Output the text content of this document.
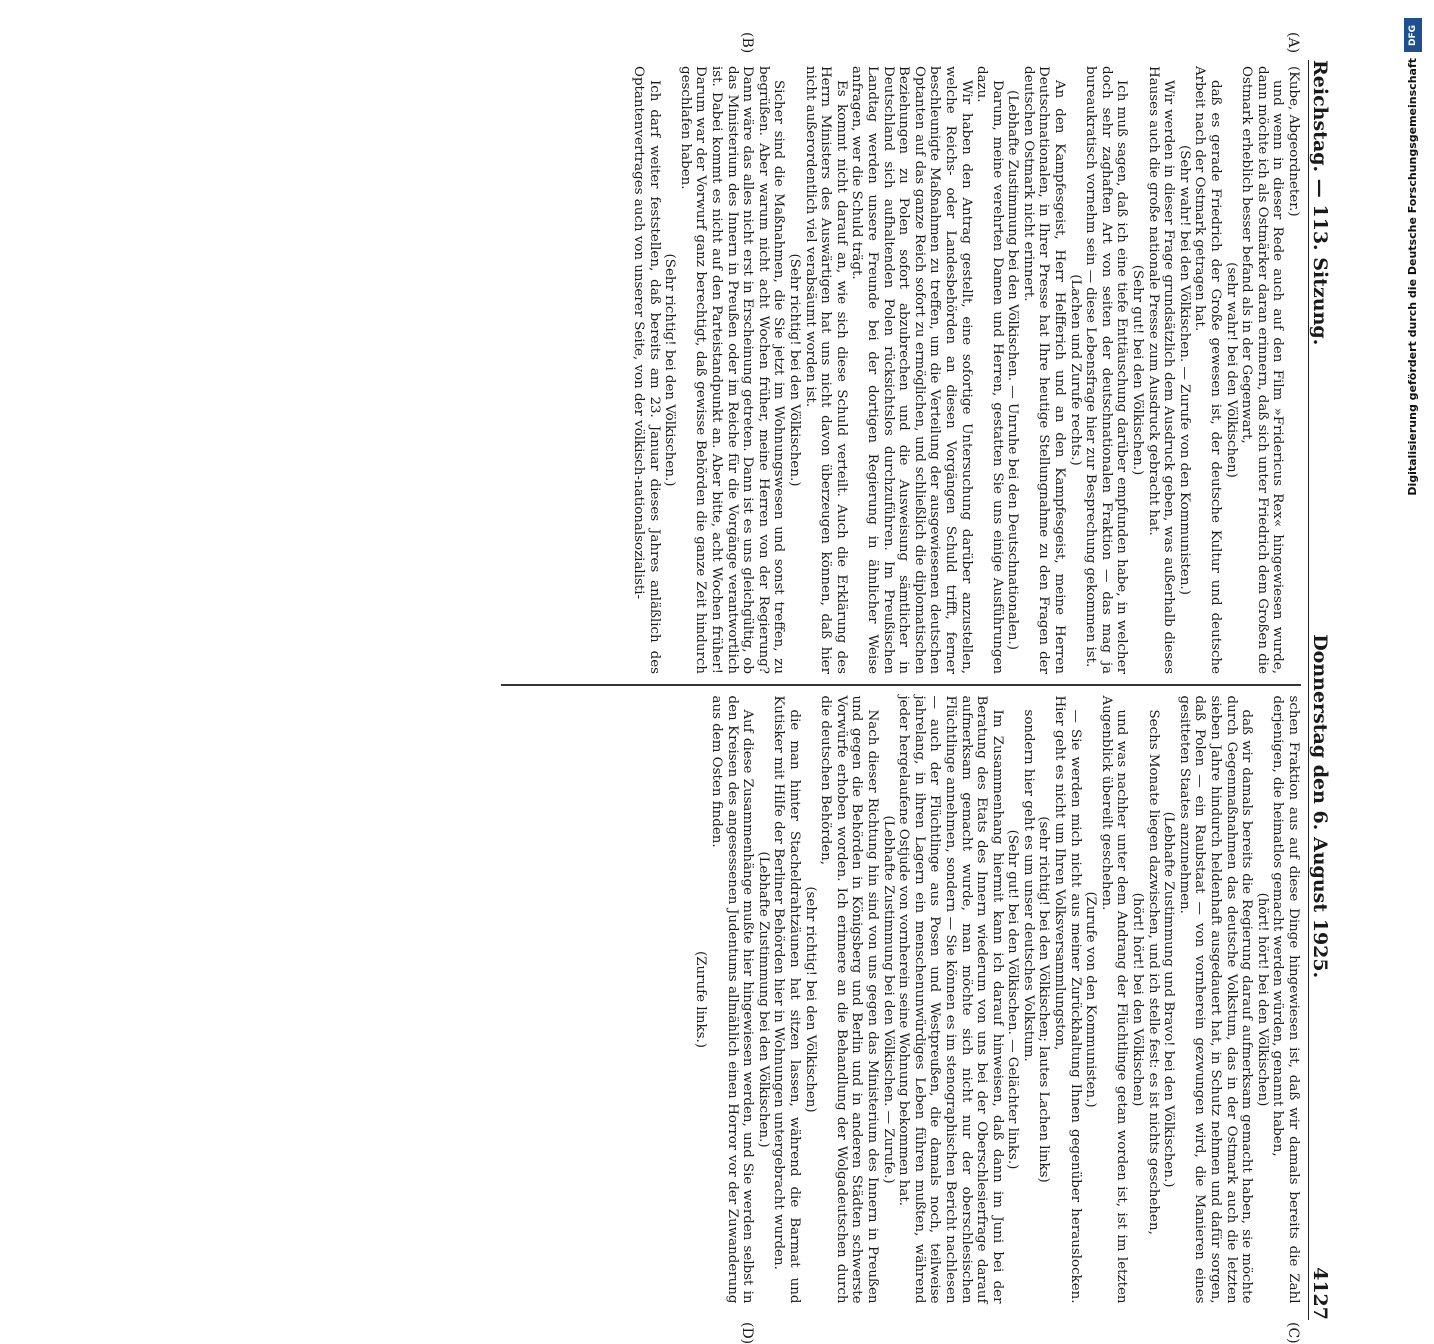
Reichstag. — 113. Sitzung.
Donnerstag den 6. August 1925.
4127

(Kube, Abgeordneter.)

und wenn in dieser Rede auch auf den Film »Fridericus Rex« hingewiesen wurde, dann möchte ich als Ostmärker daran erinnern, daß sich unter Friedrich dem Großen die Ostmark erheblich besser befand als in der Gegenwart,

(sehr wahr! bei den Völkischen)

daß es gerade Friedrich der Große gewesen ist, der deutsche Kultur und deutsche Arbeit nach der Ostmark getragen hat.

(Sehr wahr! bei den Völkischen. — Zurufe von den Kommunisten.)

Wir werden in dieser Frage grundsätzlich dem Ausdruck geben, was außerhalb dieses Hauses auch die große nationale Presse zum Ausdruck gebracht hat.

(Sehr gut! bei den Völkischen.)

Ich muß sagen, daß ich eine tiefe Enttäuschung darüber empfunden habe, in welcher doch sehr zaghaften Art von seiten der deutschnationalen Fraktion — das mag ja bureaukratisch vornehm sein — diese Lebensfrage hier zur Besprechung gekommen ist.

(Lachen und Zurufe rechts.)

An den Kampfesgeist, Herr Helfferich und an den Kampfesgeist, meine Herren Deutschnationalen, in Ihrer Presse hat Ihre heutige Stellungnahme zu den Fragen der deutschen Ostmark nicht erinnert.

(Lebhafte Zustimmung bei den Völkischen. — Unruhe bei den Deutschnationalen.)

Darum, meine verehrten Damen und Herren, gestatten Sie uns einige Ausführungen dazu.

Wir haben den Antrag gestellt, eine sofortige Untersuchung darüber anzustellen, welche Reichs- oder Landesbehörden an diesen Vorgängen Schuld trifft, ferner beschleunigte Maßnahmen zu treffen, um die Verteilung der ausgewiesenen deutschen Optanten auf das ganze Reich sofort zu ermöglichen, und schließlich die diplomatischen Beziehungen zu Polen sofort abzubrechen und die Ausweisung sämtlicher in Deutschland sich aufhaltenden Polen rücksichtslos durchzuführen. Im Preußischen Landtag werden unsere Freunde bei der dortigen Regierung in ähnlicher Weise anfragen, wer die Schuld trägt.

Es kommt nicht darauf an, wie sich diese Schuld verteilt. Auch die Erklärung des Herrn Ministers des Auswärtigen hat uns nicht davon überzeugen können, daß hier nicht außerordentlich viel verabsäumt worden ist.

(Sehr richtig! bei den Völkischen.)

Sicher sind die Maßnahmen, die Sie jetzt im Wohnungswesen und sonst treffen, zu begrüßen. Aber warum nicht acht Wochen früher, meine Herren von der Regierung? Dann wäre das alles nicht erst in Erscheinung getreten. Dann ist es uns gleichgültig, ob das Ministerium des Innern in Preußen oder im Reiche für die Vorgänge verantwortlich ist. Dabei kommt es nicht auf den Parteistandpunkt an. Aber bitte, acht Wochen früher! Darum war der Vorwurf ganz berechtigt, daß gewisse Behörden die ganze Zeit hindurch geschlafen haben.

(Sehr richtig! bei den Völkischen.)

Ich darf weiter feststellen, daß bereits am 23. Januar dieses Jahres anläßlich des Optantenvertrages auch von unserer Seite, von der völkisch-nationalsozialisti-

schen Fraktion aus auf diese Dinge hingewiesen ist, daß wir damals bereits die Zahl derjenigen, die heimatlos gemacht werden würden, genannt haben,

(hört! hört! bei den Völkischen)

daß wir damals bereits die Regierung darauf aufmerksam gemacht haben, sie möchte durch Gegenmaßnahmen das deutsche Volkstum, das in der Ostmark auch die letzten sieben Jahre hindurch heldenhaft ausgedauert hat, in Schutz nehmen und dafür sorgen, daß Polen — ein Raubstaat — von vornherein gezwungen wird, die Manieren eines gesitteten Staates anzunehmen.

(Lebhafte Zustimmung und Bravo! bei den Völkischen.)

Sechs Monate liegen dazwischen, und ich stelle fest: es ist nichts geschehen,

(hört! hört! bei den Völkischen)

und was nachher unter dem Andrang der Flüchtlinge getan worden ist, ist im letzten Augenblick übereilt geschehen.

(Zurufe von den Kommunisten.)

— Sie werden mich nicht aus meiner Zurückhaltung Ihnen gegenüber herauslocken. Hier geht es nicht um Ihren Volksversammlungston,

(sehr richtig! bei den Völkischen; lautes Lachen links)

sondern hier geht es um unser deutsches Volkstum.

(Sehr gut! bei den Völkischen. — Gelächter links.)

Im Zusammenhang hiermit kann ich darauf hinweisen, daß dann im Juni bei der Beratung des Etats des Innern wiederum von uns bei der Oberschlesierfrage darauf aufmerksam gemacht wurde, man möchte sich nicht nur der oberschlesischen Flüchtlinge annehmen, sondern — Sie können es im stenographischen Bericht nachlesen — auch der Flüchtlinge aus Posen und Westpreußen, die damals noch, teilweise jahrelang, in ihren Lagern ein menschenunwürdiges Leben führen mußten, während jeder hergelaufene Ostjude von vornherein seine Wohnung bekommen hat.

(Lebhafte Zustimmung bei den Völkischen. — Zurufe.)

Nach dieser Richtung hin sind von uns gegen das Ministerium des Innern in Preußen und gegen die Behörden in Königsberg und Berlin und in anderen Städten schwerste Vorwürfe erhoben worden. Ich erinnere an die Behandlung der Wolgadeutschen durch die deutschen Behörden,

(sehr richtig! bei den Völkischen)

die man hinter Stacheldrahtzäunen hat sitzen lassen, während die Barmat und Kutisker mit Hilfe der Berliner Behörden hier in Wohnungen untergebracht wurden.

(Lebhafte Zustimmung bei den Völkischen.)

Auf diese Zusammenhänge mußte hier hingewiesen werden, und Sie werden selbst in den Kreisen des angesessenen Judentums allmählich einen Horror vor der Zuwanderung aus dem Osten finden.

(Zurufe links.)

(A)
(B)
(C)
(D)
DFG
Digitalisierung gefördert durch die Deutsche Forschungsgemeinschaft
